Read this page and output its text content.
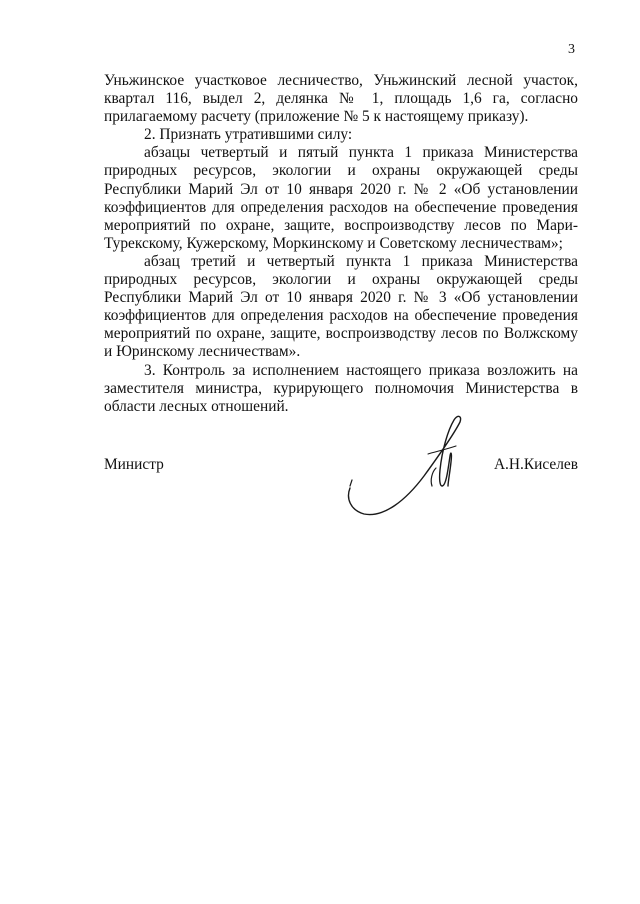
3

Уньжинское участковое лесничество, Уньжинский лесной участок, квартал 116, выдел 2, делянка № 1, площадь 1,6 га, согласно прилагаемому расчету (приложение № 5 к настоящему приказу).

2. Признать утратившими силу:

абзацы четвертый и пятый пункта 1 приказа Министерства природных ресурсов, экологии и охраны окружающей среды Республики Марий Эл от 10 января 2020 г. № 2 «Об установлении коэффициентов для определения расходов на обеспечение проведения мероприятий по охране, защите, воспроизводству лесов по Мари-Турекскому, Кужерскому, Моркинскому и Советскому лесничествам»;

абзац третий и четвертый пункта 1 приказа Министерства природных ресурсов, экологии и охраны окружающей среды Республики Марий Эл от 10 января 2020 г. № 3 «Об установлении коэффициентов для определения расходов на обеспечение проведения мероприятий по охране, защите, воспроизводству лесов по Волжскому и Юринскому лесничествам».

3. Контроль за исполнением настоящего приказа возложить на заместителя министра, курирующего полномочия Министерства в области лесных отношений.

Министр	А.Н.Киселев
